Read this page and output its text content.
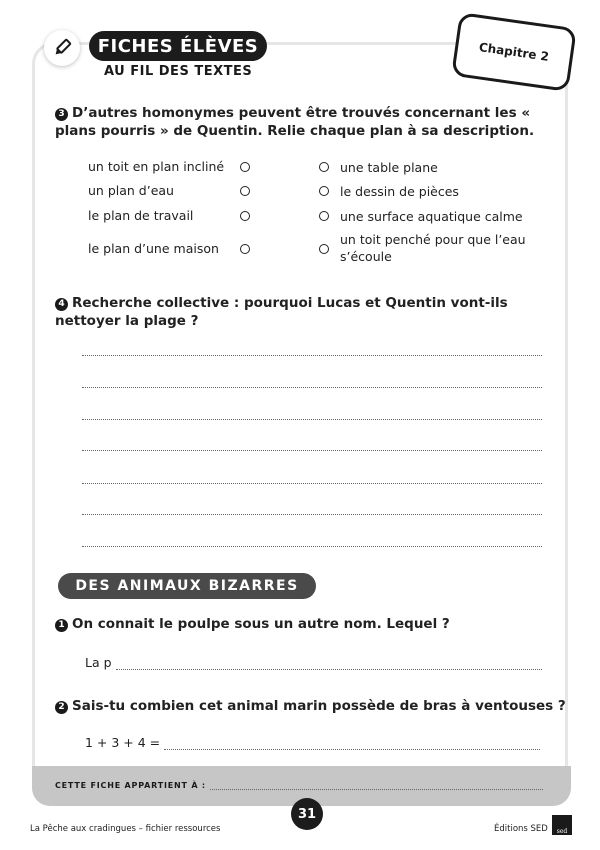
FICHES ÉLÈVES
AU FIL DES TEXTES
Chapitre 2
3 D’autres homonymes peuvent être trouvés concernant les « plans pourris » de Quentin. Relie chaque plan à sa description.
un toit en plan incliné
un plan d’eau
le plan de travail
le plan d’une maison
une table plane
le dessin de pièces
une surface aquatique calme
un toit penché pour que l’eau s’écoule
4 Recherche collective : pourquoi Lucas et Quentin vont-ils nettoyer la plage ?
DES ANIMAUX BIZARRES
1 On connait le poulpe sous un autre nom. Lequel ?
La p
2 Sais-tu combien cet animal marin possède de bras à ventouses ?
1 + 3 + 4 =
CETTE FICHE APPARTIENT À :
31
La Pêche aux cradingues – fichier ressources	Éditions SED sed
